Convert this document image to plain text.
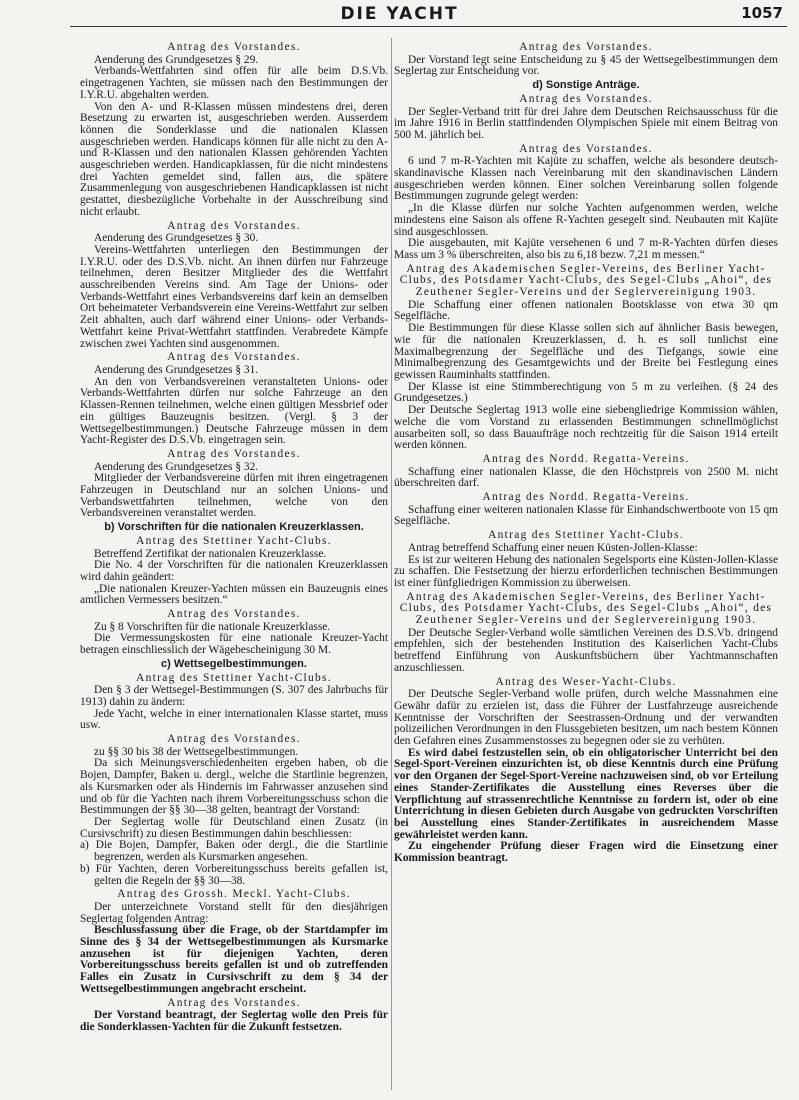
DIE YACHT	1057
Antrag des Vorstandes.

Aenderung des Grundgesetzes § 29.

Verbands-Wettfahrten sind offen für alle beim D.S.Vb. eingetragenen Yachten, sie müssen nach den Bestimmungen der I.Y.R.U. abgehalten werden.

Von den A- und R-Klassen müssen mindestens drei, deren Besetzung zu erwarten ist, ausgeschrieben werden. Ausserdem können die Sonderklasse und die nationalen Klassen ausgeschrieben werden. Handicaps können für alle nicht zu den A- und R-Klassen und den nationalen Klassen gehörenden Yachten ausgeschrieben werden. Handicapklassen, für die nicht mindestens drei Yachten gemeldet sind, fallen aus, die spätere Zusammenlegung von ausgeschriebenen Handicapklassen ist nicht gestattet, diesbezügliche Vorbehalte in der Ausschreibung sind nicht erlaubt.

Antrag des Vorstandes.

Aenderung des Grundgesetzes § 30.

Vereins-Wettfahrten unterliegen den Bestimmungen der I.Y.R.U. oder des D.S.Vb. nicht. An ihnen dürfen nur Fahrzeuge teilnehmen, deren Besitzer Mitglieder des die Wettfahrt ausschreibenden Vereins sind. Am Tage der Unions- oder Verbands-Wettfahrt eines Verbandsvereins darf kein an demselben Ort beheimateter Verbandsverein eine Vereins-Wettfahrt zur selben Zeit abhalten, auch darf während einer Unions- oder Verbands-Wettfahrt keine Privat-Wettfahrt stattfinden. Verabredete Kämpfe zwischen zwei Yachten sind ausgenommen.

Antrag des Vorstandes.

Aenderung des Grundgesetzes § 31.

An den von Verbandsvereinen veranstalteten Unions- oder Verbands-Wettfahrten dürfen nur solche Fahrzeuge an den Klassen-Rennen teilnehmen, welche einen gültigen Messbrief oder ein gültiges Bauzeugnis besitzen. (Vergl. § 3 der Wettsegelbestimmungen.) Deutsche Fahrzeuge müssen in dem Yacht-Register des D.S.Vb. eingetragen sein.

Antrag des Vorstandes.

Aenderung des Grundgesetzes § 32.

Mitglieder der Verbandsvereine dürfen mit ihren eingetragenen Fahrzeugen in Deutschland nur an solchen Unions- und Verbandswettfahrten teilnehmen, welche von den Verbandsvereinen veranstaltet werden.

b) Vorschriften für die nationalen Kreuzerklassen.
Antrag des Stettiner Yacht-Clubs.

Betreffend Zertifikat der nationalen Kreuzerklasse.

Die No. 4 der Vorschriften für die nationalen Kreuzerklassen wird dahin geändert:

„Die nationalen Kreuzer-Yachten müssen ein Bauzeugnis eines amtlichen Vermessers besitzen.“

Antrag des Vorstandes.

Zu § 8 Vorschriften für die nationale Kreuzerklasse.

Die Vermessungskosten für eine nationale Kreuzer-Yacht betragen einschliesslich der Wägebescheinigung 30 M.

c) Wettsegelbestimmungen.
Antrag des Stettiner Yacht-Clubs.

Den § 3 der Wettsegel-Bestimmungen (S. 307 des Jahrbuchs für 1913) dahin zu ändern:

Jede Yacht, welche in einer internationalen Klasse startet, muss usw.

Antrag des Vorstandes.

zu §§ 30 bis 38 der Wettsegelbestimmungen.

Da sich Meinungsverschiedenheiten ergeben haben, ob die Bojen, Dampfer, Baken u. dergl., welche die Startlinie begrenzen, als Kursmarken oder als Hindernis im Fahrwasser anzusehen sind und ob für die Yachten nach ihrem Vorbereitungsschuss schon die Bestimmungen der §§ 30—38 gelten, beantragt der Vorstand:

Der Seglertag wolle für Deutschland einen Zusatz (in Cursivschrift) zu diesen Bestimmungen dahin beschliessen:

a) Die Bojen, Dampfer, Baken oder dergl., die die Startlinie begrenzen, werden als Kursmarken angesehen.

b) Für Yachten, deren Vorbereitungsschuss bereits gefallen ist, gelten die Regeln der §§ 30—38.

Antrag des Grossh. Meckl. Yacht-Clubs.

Der unterzeichnete Vorstand stellt für den diesjährigen Seglertag folgenden Antrag:

Beschlussfassung über die Frage, ob der Startdampfer im Sinne des § 34 der Wettsegelbestimmungen als Kursmarke anzusehen ist für diejenigen Yachten, deren Vorbereitungsschuss bereits gefallen ist und ob zutreffenden Falles ein Zusatz in Cursivschrift zu dem § 34 der Wettsegelbestimmungen angebracht erscheint.

Antrag des Vorstandes.

Der Vorstand beantragt, der Seglertag wolle den Preis für die Sonderklassen-Yachten für die Zukunft festsetzen.

Antrag des Vorstandes.

Der Vorstand legt seine Entscheidung zu § 45 der Wettsegelbestimmungen dem Seglertag zur Entscheidung vor.

d) Sonstige Anträge.
Antrag des Vorstandes.

Der Segler-Verband tritt für drei Jahre dem Deutschen Reichsausschuss für die im Jahre 1916 in Berlin stattfindenden Olympischen Spiele mit einem Beitrag von 500 M. jährlich bei.

Antrag des Vorstandes.

6 und 7 m-R-Yachten mit Kajüte zu schaffen, welche als besondere deutsch-skandinavische Klassen nach Vereinbarung mit den skandinavischen Ländern ausgeschrieben werden können. Einer solchen Vereinbarung sollen folgende Bestimmungen zugrunde gelegt werden:

„In die Klasse dürfen nur solche Yachten aufgenommen werden, welche mindestens eine Saison als offene R-Yachten gesegelt sind. Neubauten mit Kajüte sind ausgeschlossen.

Die ausgebauten, mit Kajüte versehenen 6 und 7 m-R-Yachten dürfen dieses Mass um 3 % überschreiten, also bis zu 6,18 bezw. 7,21 m messen.“

Antrag des Akademischen Segler-Vereins, des Berliner Yacht-Clubs, des Potsdamer Yacht-Clubs, des Segel-Clubs „Ahoi“, des Zeuthener Segler-Vereins und der Seglervereinigung 1903.

Die Schaffung einer offenen nationalen Bootsklasse von etwa 30 qm Segelfläche.

Die Bestimmungen für diese Klasse sollen sich auf ähnlicher Basis bewegen, wie für die nationalen Kreuzerklassen, d. h. es soll tunlichst eine Maximalbegrenzung der Segelfläche und des Tiefgangs, sowie eine Minimalbegrenzung des Gesamtgewichts und der Breite bei Festlegung eines gewissen Rauminhalts stattfinden.

Der Klasse ist eine Stimmberechtigung von 5 m zu verleihen. (§ 24 des Grundgesetzes.)

Der Deutsche Seglertag 1913 wolle eine siebengliedrige Kommission wählen, welche die vom Vorstand zu erlassenden Bestimmungen schnellmöglichst ausarbeiten soll, so dass Bauaufträge noch rechtzeitig für die Saison 1914 erteilt werden können.

Antrag des Nordd. Regatta-Vereins.

Schaffung einer nationalen Klasse, die den Höchstpreis von 2500 M. nicht überschreiten darf.

Antrag des Nordd. Regatta-Vereins.

Schaffung einer weiteren nationalen Klasse für Einhandschwertboote von 15 qm Segelfläche.

Antrag des Stettiner Yacht-Clubs.

Antrag betreffend Schaffung einer neuen Küsten-Jollen-Klasse:

Es ist zur weiteren Hebung des nationalen Segelsports eine Küsten-Jollen-Klasse zu schaffen. Die Festsetzung der hierzu erforderlichen technischen Bestimmungen ist einer fünfgliedrigen Kommission zu überweisen.

Antrag des Akademischen Segler-Vereins, des Berliner Yacht-Clubs, des Potsdamer Yacht-Clubs, des Segel-Clubs „Ahoi“, des Zeuthener Segler-Vereins und der Seglervereinigung 1903.

Der Deutsche Segler-Verband wolle sämtlichen Vereinen des D.S.Vb. dringend empfehlen, sich der bestehenden Institution des Kaiserlichen Yacht-Clubs betreffend Einführung von Auskunftsbüchern über Yachtmannschaften anzuschliessen.

Antrag des Weser-Yacht-Clubs.

Der Deutsche Segler-Verband wolle prüfen, durch welche Massnahmen eine Gewähr dafür zu erzielen ist, dass die Führer der Lustfahrzeuge ausreichende Kenntnisse der Vorschriften der Seestrassen-Ordnung und der verwandten polizeilichen Verordnungen in den Flussgebieten besitzen, um nach bestem Können den Gefahren eines Zusammenstosses zu begegnen oder sie zu verhüten.

Es wird dabei festzustellen sein, ob ein obligatorischer Unterricht bei den Segel-Sport-Vereinen einzurichten ist, ob diese Kenntnis durch eine Prüfung vor den Organen der Segel-Sport-Vereine nachzuweisen sind, ob vor Erteilung eines Stander-Zertifikates die Ausstellung eines Reverses über die Verpflichtung auf strassenrechtliche Kenntnisse zu fordern ist, oder ob eine Unterrichtung in diesen Gebieten durch Ausgabe von gedruckten Vorschriften bei Ausstellung eines Stander-Zertifikates in ausreichendem Masse gewährleistet werden kann.

Zu eingehender Prüfung dieser Fragen wird die Einsetzung einer Kommission beantragt.
